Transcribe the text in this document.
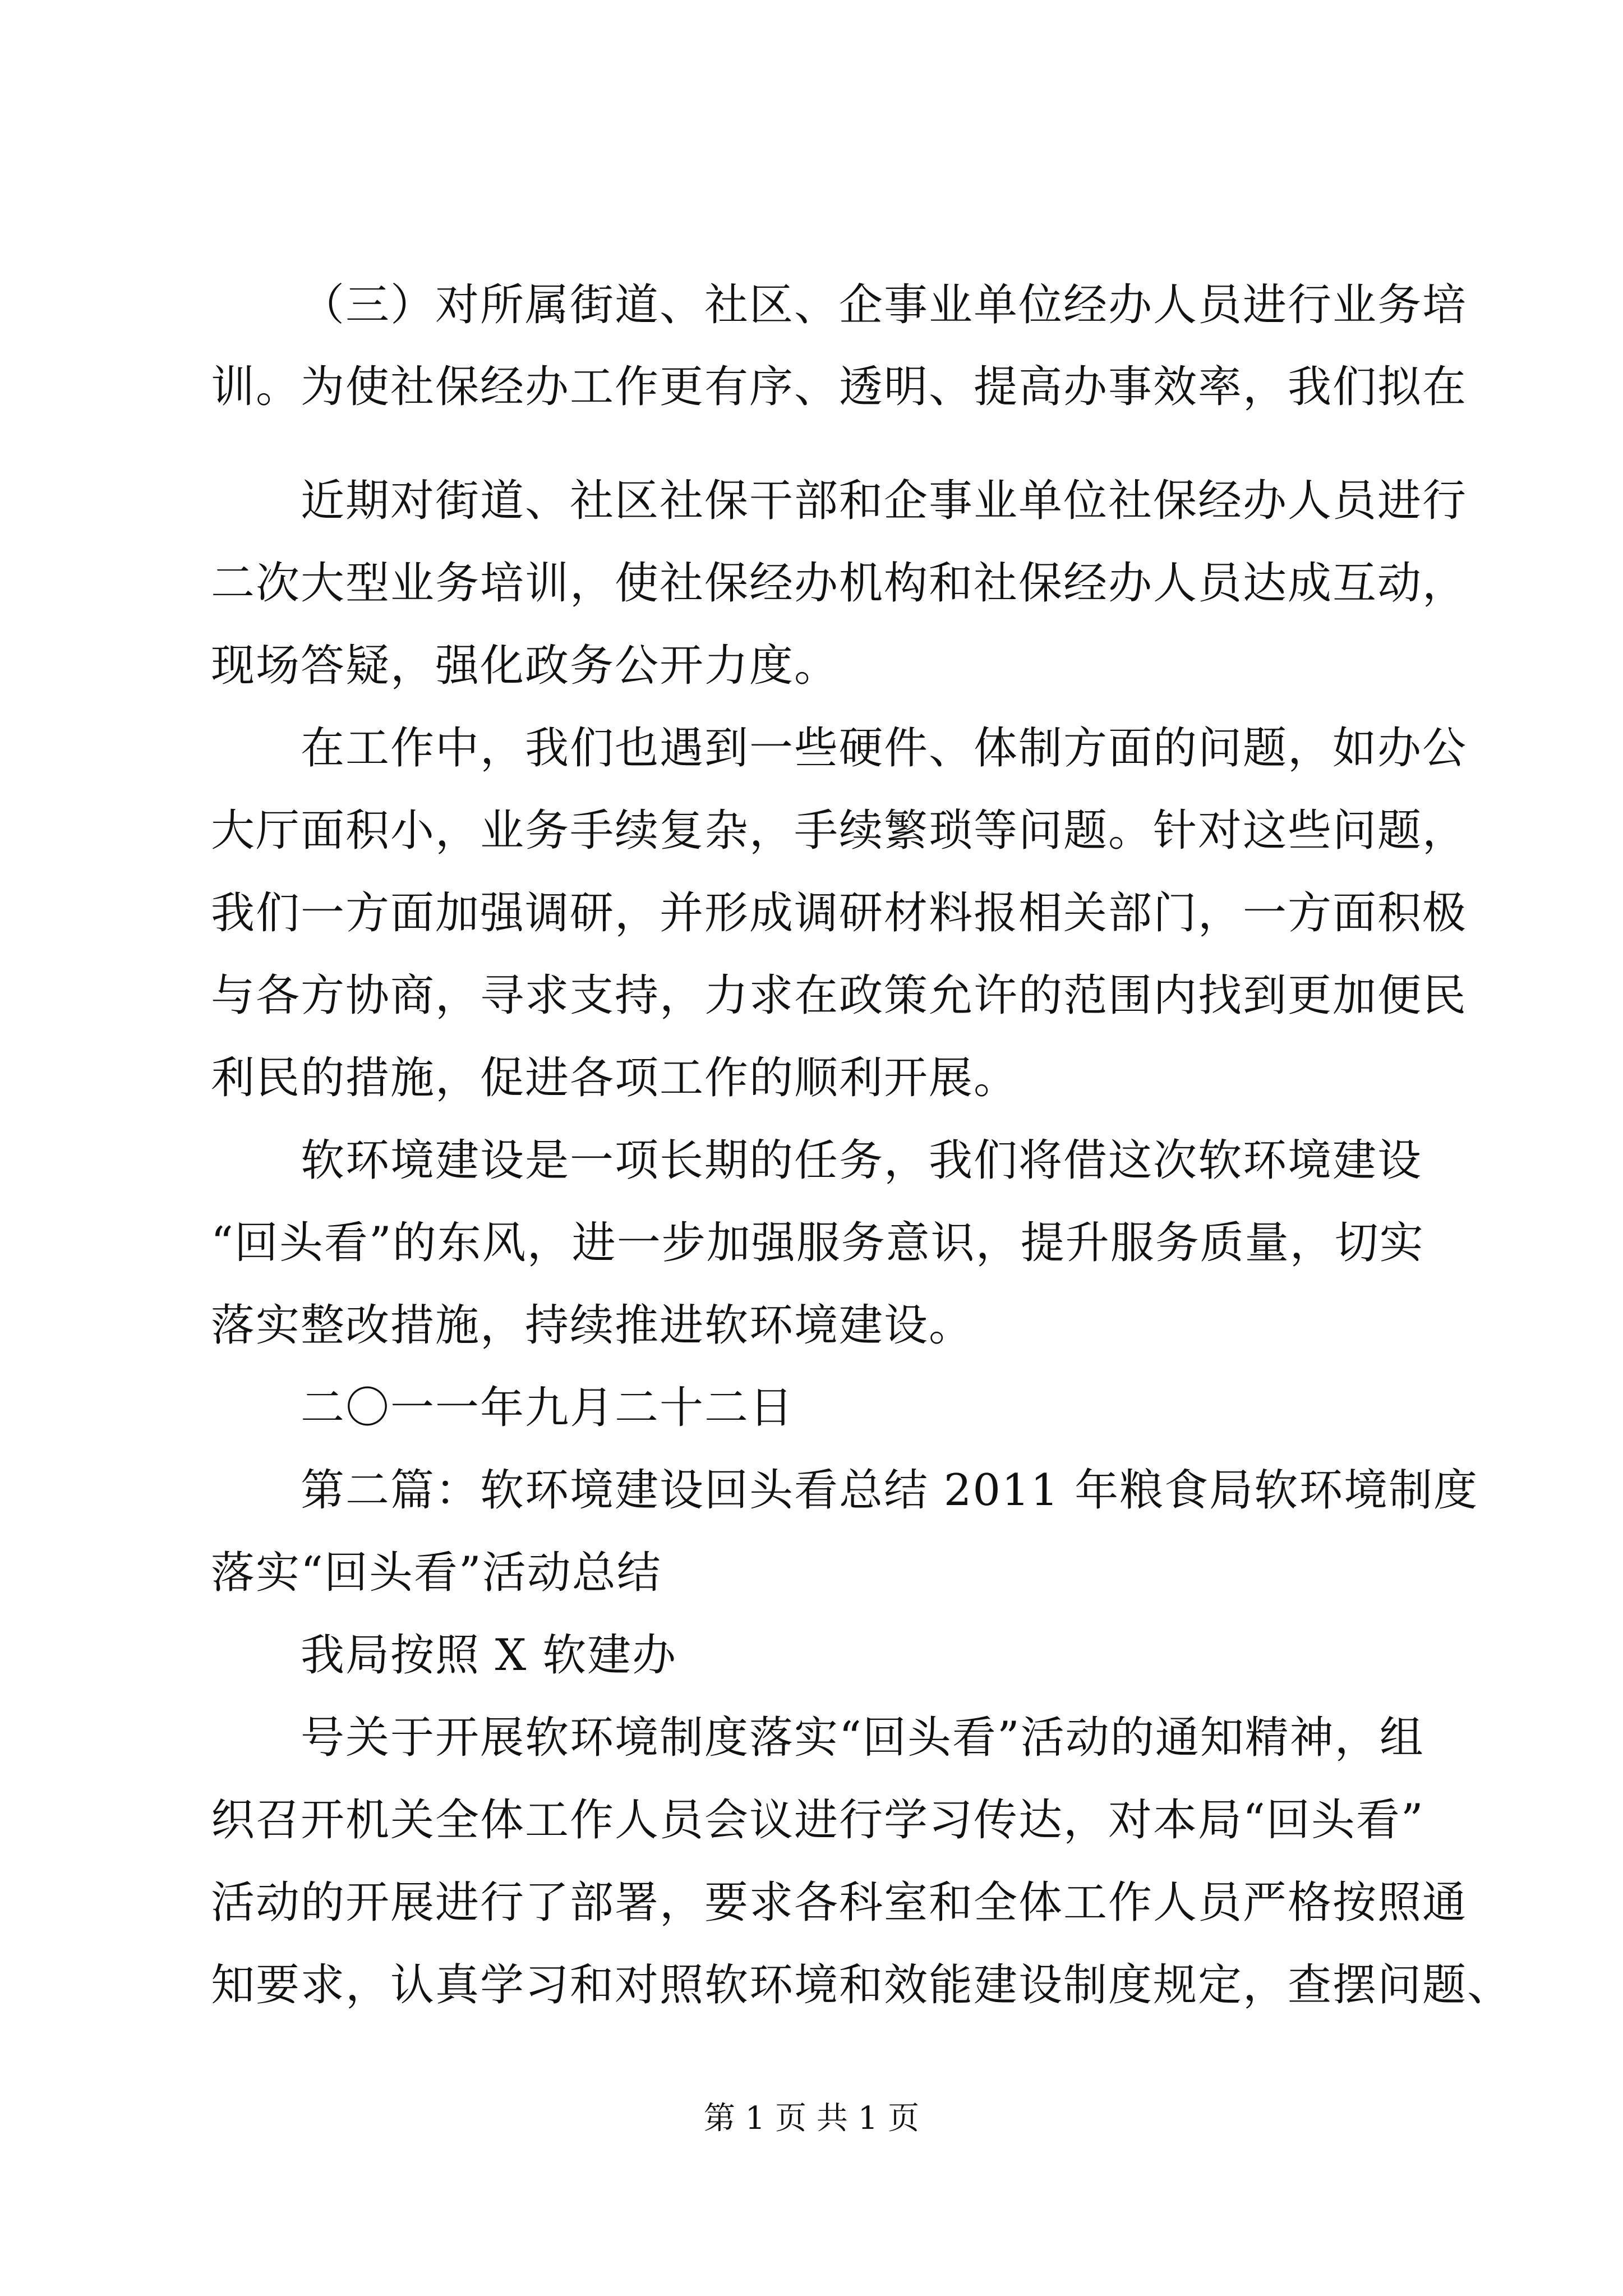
（三）对所属街道、社区、企事业单位经办人员进行业务培

训。为使社保经办工作更有序、透明、提高办事效率，我们拟在

近期对街道、社区社保干部和企事业单位社保经办人员进行

二次大型业务培训，使社保经办机构和社保经办人员达成互动，

现场答疑，强化政务公开力度。

在工作中，我们也遇到一些硬件、体制方面的问题，如办公

大厅面积小，业务手续复杂，手续繁琐等问题。针对这些问题，

我们一方面加强调研，并形成调研材料报相关部门，一方面积极

与各方协商，寻求支持，力求在政策允许的范围内找到更加便民

利民的措施，促进各项工作的顺利开展。

软环境建设是一项长期的任务，我们将借这次软环境建设

“回头看”的东风，进一步加强服务意识，提升服务质量，切实

落实整改措施，持续推进软环境建设。

二〇一一年九月二十二日

第二篇：软环境建设回头看总结 2011 年粮食局软环境制度

落实“回头看”活动总结

我局按照 X 软建办

号关于开展软环境制度落实“回头看”活动的通知精神，组

织召开机关全体工作人员会议进行学习传达，对本局“回头看”

活动的开展进行了部署，要求各科室和全体工作人员严格按照通

知要求，认真学习和对照软环境和效能建设制度规定，查摆问题、

第 1 页 共 1 页
